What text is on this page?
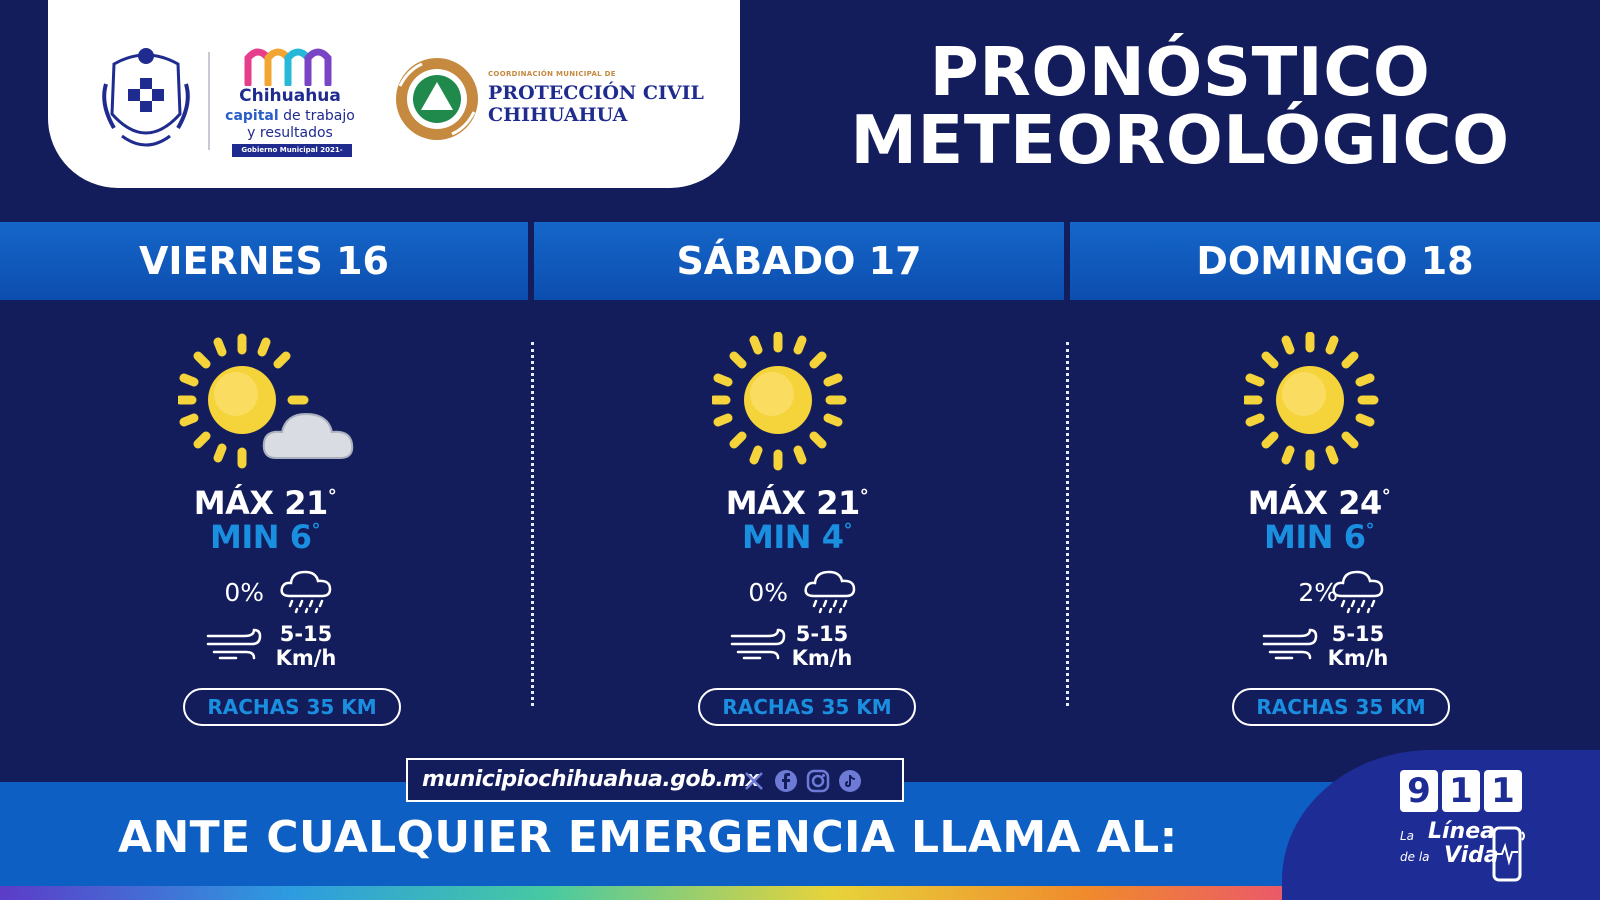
Chihuahua
capital de trabajo
y resultados
Gobierno Municipal 2021-2024
COORDINACIÓN MUNICIPAL DE
PROTECCIÓN CIVIL
CHIHUAHUA
PRONÓSTICO
METEOROLÓGICO
VIERNES 16	SÁBADO 17	DOMINGO 18
MÁX 21°
MIN 6°
0%
5-15
Km/h
RACHAS 35 KM
MÁX 21°
MIN 4°
0%
5-15
Km/h
RACHAS 35 KM
MÁX 24°
MIN 6°
2%
5-15
Km/h
RACHAS 35 KM
ANTE CUALQUIER EMERGENCIA LLAMA AL:
municipiochihuahua.gob.mx	9 1 1
La Línea
de la Vida
